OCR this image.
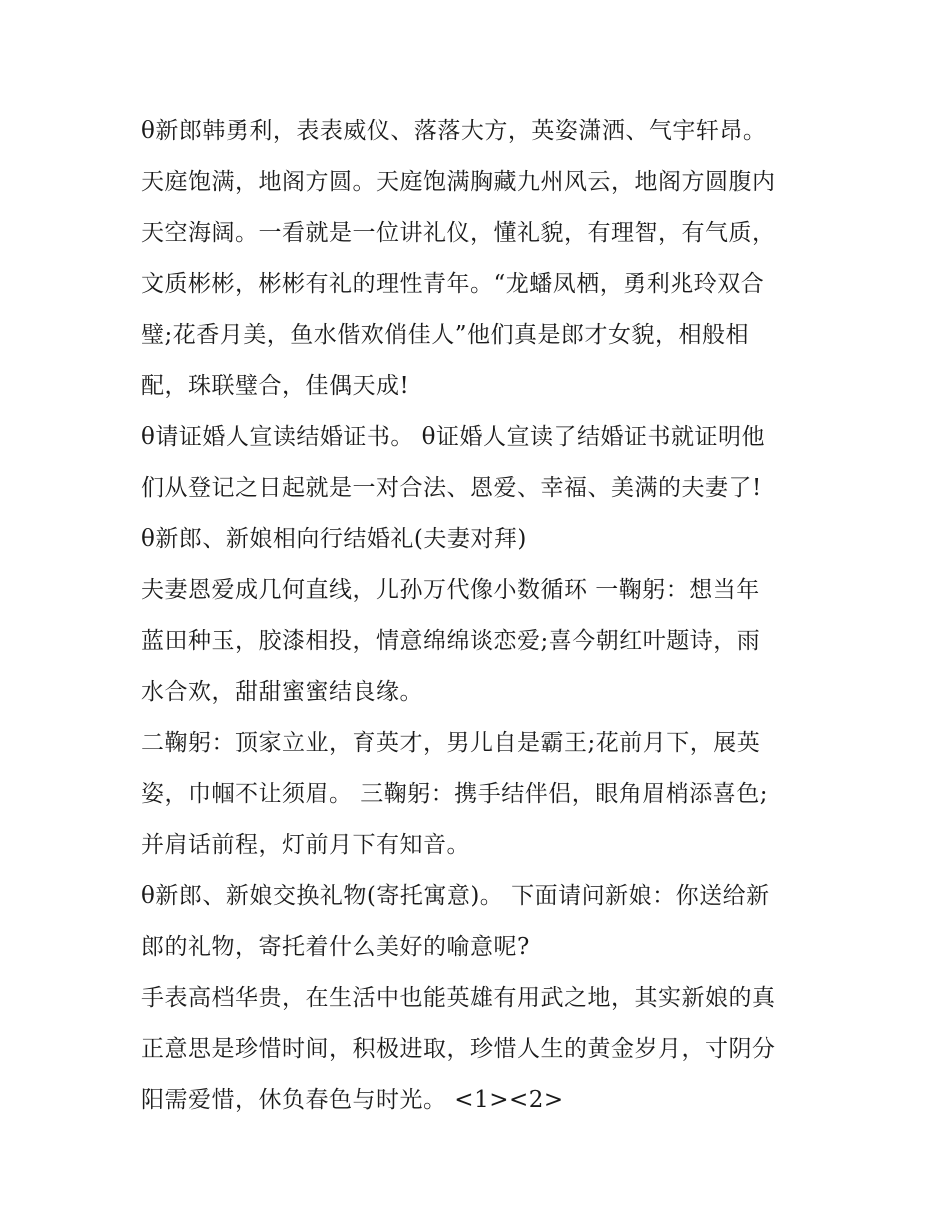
θ新郎韩勇利，表表威仪、落落大方，英姿潇洒、气宇轩昂。
天庭饱满，地阁方圆。天庭饱满胸藏九州风云，地阁方圆腹内
天空海阔。一看就是一位讲礼仪，懂礼貌，有理智，有气质，
文质彬彬，彬彬有礼的理性青年。“龙蟠凤栖，勇利兆玲双合
璧;花香月美，鱼水偕欢俏佳人”他们真是郎才女貌，相般相
配，珠联璧合，佳偶天成!
θ请证婚人宣读结婚证书。 θ证婚人宣读了结婚证书就证明他
们从登记之日起就是一对合法、恩爱、幸福、美满的夫妻了!
θ新郎、新娘相向行结婚礼(夫妻对拜)
夫妻恩爱成几何直线，儿孙万代像小数循环 一鞠躬：想当年
蓝田种玉，胶漆相投，情意绵绵谈恋爱;喜今朝红叶题诗，雨
水合欢，甜甜蜜蜜结良缘。
二鞠躬：顶家立业，育英才，男儿自是霸王;花前月下，展英
姿，巾帼不让须眉。 三鞠躬：携手结伴侣，眼角眉梢添喜色;
并肩话前程，灯前月下有知音。
θ新郎、新娘交换礼物(寄托寓意)。 下面请问新娘：你送给新
郎的礼物，寄托着什么美好的喻意呢?
手表高档华贵，在生活中也能英雄有用武之地，其实新娘的真
正意思是珍惜时间，积极进取，珍惜人生的黄金岁月，寸阴分
阳需爱惜，休负春色与时光。 <1><2>
